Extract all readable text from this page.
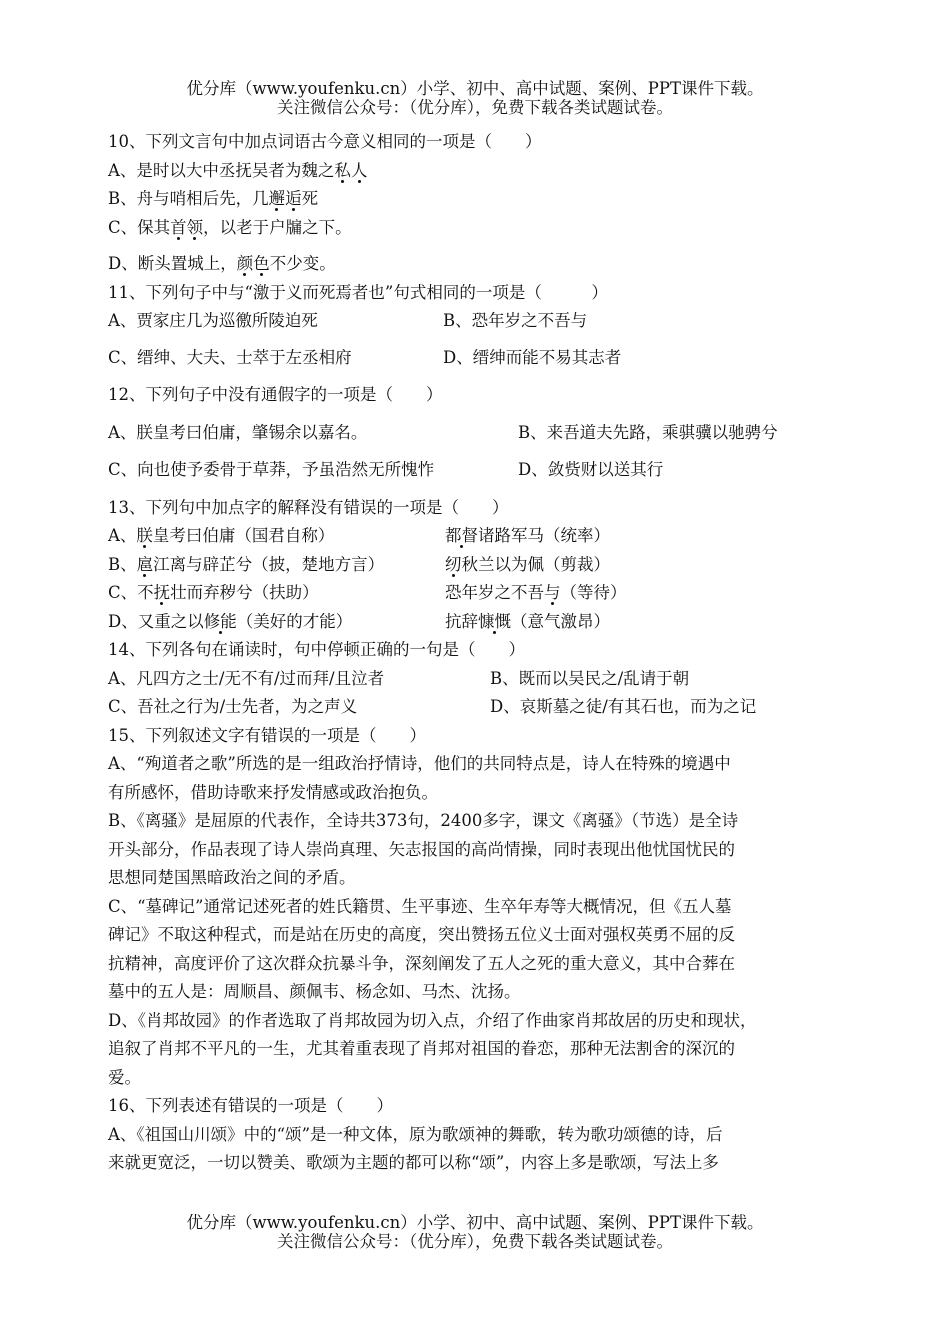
优分库（www.youfenku.cn）小学、初中、高中试题、案例、PPT课件下载。
关注微信公众号：（优分库），免费下载各类试题试卷。
10、下列文言句中加点词语古今意义相同的一项是（　　）
A、是时以大中丞抚吴者为魏之私人
B、舟与哨相后先，几邂逅死
C、保其首领，以老于户牖之下。
D、断头置城上，颜色不少变。
11、下列句子中与“激于义而死焉者也”句式相同的一项是（　　　）
A、贾家庄几为巡徼所陵迫死	B、恐年岁之不吾与
C、缙绅、大夫、士萃于左丞相府	D、缙绅而能不易其志者
12、下列句子中没有通假字的一项是（　　）
A、朕皇考曰伯庸，肇锡余以嘉名。	B、来吾道夫先路，乘骐骥以驰骋兮
C、向也使予委骨于草莽，予虽浩然无所愧怍	D、敛赀财以送其行
13、下列句中加点字的解释没有错误的一项是（　　）
A、朕皇考曰伯庸（国君自称）	都督诸路军马（统率）
B、扈江离与辟芷兮（披，楚地方言）	纫秋兰以为佩（剪裁）
C、不抚壮而弃秽兮（扶助）	恐年岁之不吾与（等待）
D、又重之以修能（美好的才能）	抗辞慷慨（意气激昂）
14、下列各句在诵读时，句中停顿正确的一句是（　　）
A、凡四方之士/无不有/过而拜/且泣者	B、既而以吴民之/乱请于朝
C、吾社之行为/士先者，为之声义	D、哀斯墓之徒/有其石也，而为之记
15、下列叙述文字有错误的一项是（　　）
A、“殉道者之歌”所选的是一组政治抒情诗，他们的共同特点是，诗人在特殊的境遇中
有所感怀，借助诗歌来抒发情感或政治抱负。
B、《离骚》是屈原的代表作，全诗共373句，2400多字，课文《离骚》（节选）是全诗
开头部分，作品表现了诗人崇尚真理、矢志报国的高尚情操，同时表现出他忧国忧民的
思想同楚国黑暗政治之间的矛盾。
C、“墓碑记”通常记述死者的姓氏籍贯、生平事迹、生卒年寿等大概情况，但《五人墓
碑记》不取这种程式，而是站在历史的高度，突出赞扬五位义士面对强权英勇不屈的反
抗精神，高度评价了这次群众抗暴斗争，深刻阐发了五人之死的重大意义，其中合葬在
墓中的五人是：周顺昌、颜佩韦、杨念如、马杰、沈扬。
D、《肖邦故园》的作者选取了肖邦故园为切入点，介绍了作曲家肖邦故居的历史和现状，
追叙了肖邦不平凡的一生，尤其着重表现了肖邦对祖国的眷恋，那种无法割舍的深沉的
爱。
16、下列表述有错误的一项是（　　）
A、《祖国山川颂》中的“颂”是一种文体，原为歌颂神的舞歌，转为歌功颂德的诗，后
来就更宽泛，一切以赞美、歌颂为主题的都可以称“颂”，内容上多是歌颂，写法上多
优分库（www.youfenku.cn）小学、初中、高中试题、案例、PPT课件下载。
关注微信公众号：（优分库），免费下载各类试题试卷。
